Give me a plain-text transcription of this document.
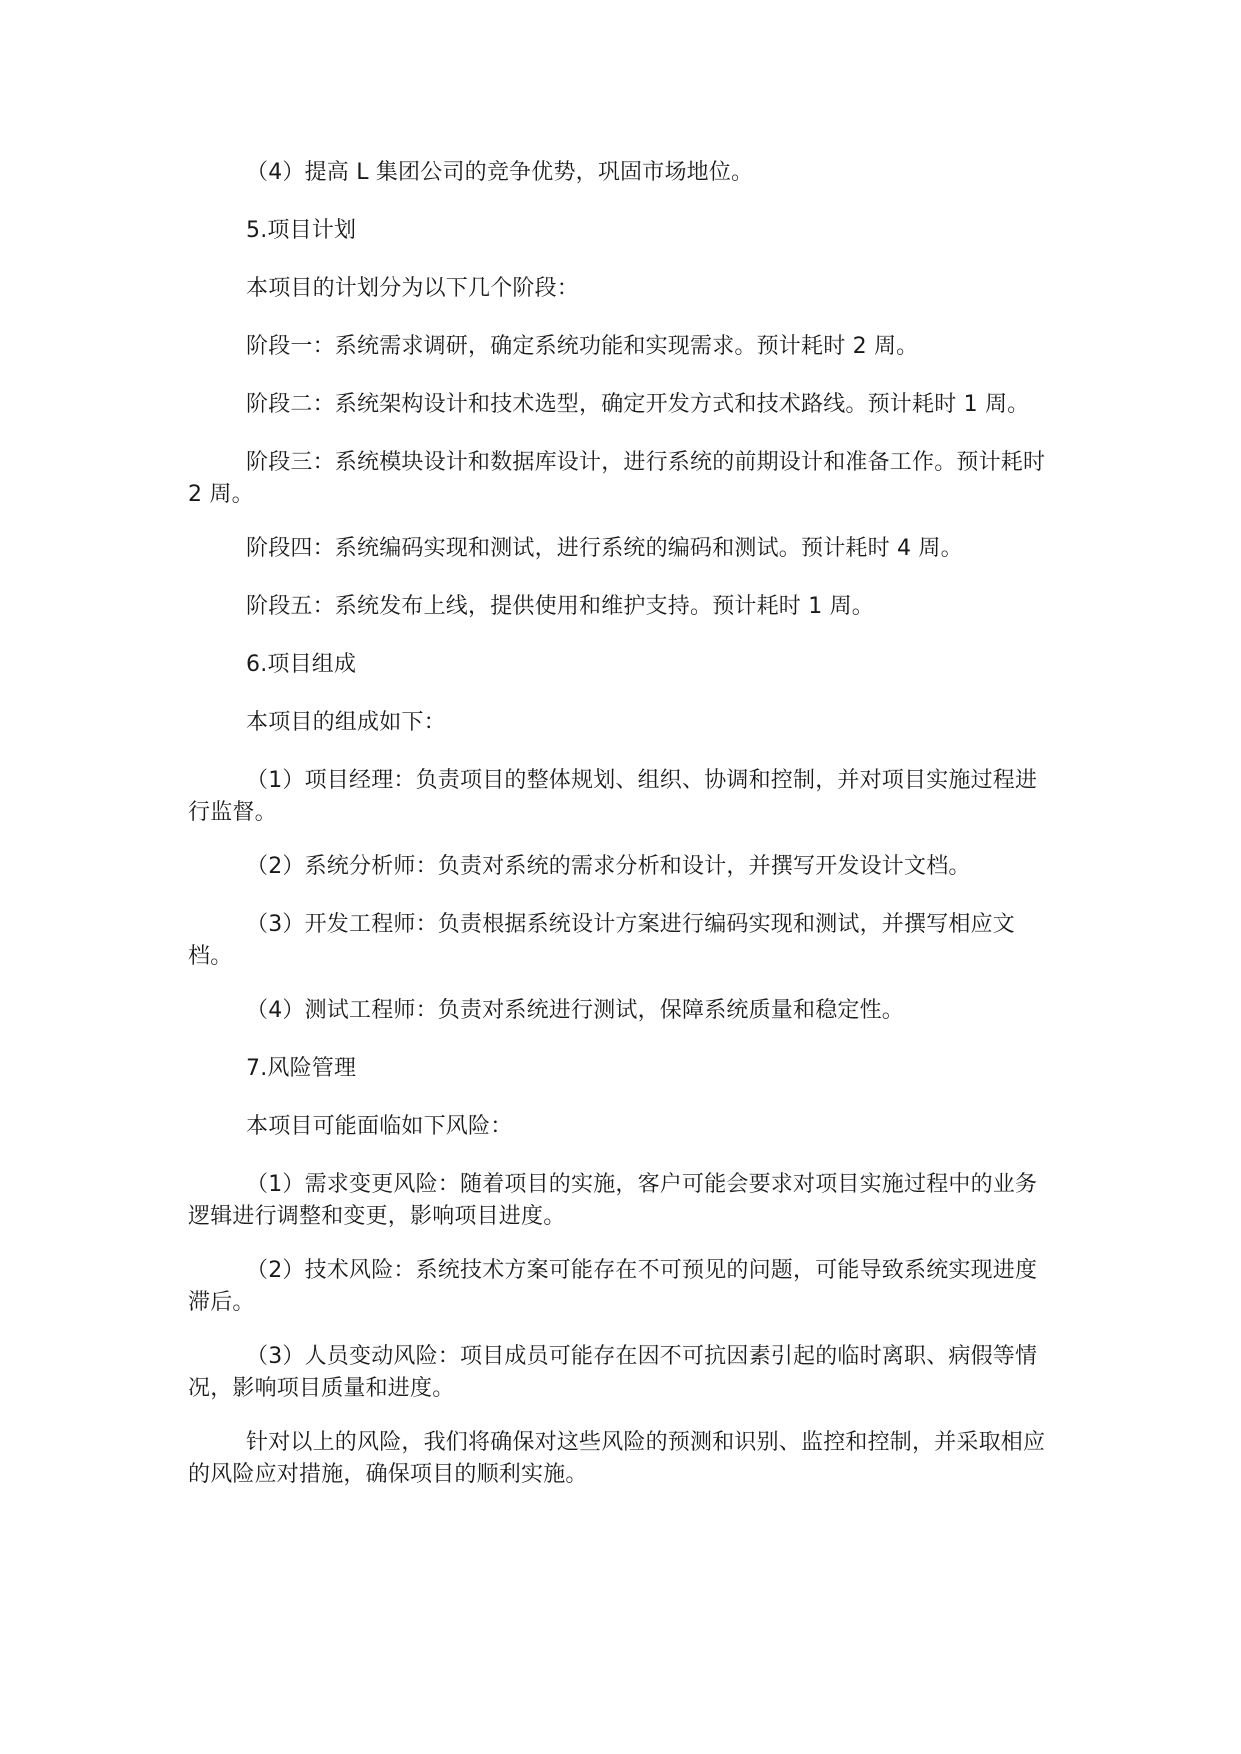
（4）提高 L 集团公司的竞争优势，巩固市场地位。

5.项目计划

本项目的计划分为以下几个阶段：

阶段一：系统需求调研，确定系统功能和实现需求。预计耗时 2 周。

阶段二：系统架构设计和技术选型，确定开发方式和技术路线。预计耗时 1 周。

阶段三：系统模块设计和数据库设计，进行系统的前期设计和准备工作。预计耗时 2 周。

阶段四：系统编码实现和测试，进行系统的编码和测试。预计耗时 4 周。

阶段五：系统发布上线，提供使用和维护支持。预计耗时 1 周。

6.项目组成

本项目的组成如下：

（1）项目经理：负责项目的整体规划、组织、协调和控制，并对项目实施过程进行监督。

（2）系统分析师：负责对系统的需求分析和设计，并撰写开发设计文档。

（3）开发工程师：负责根据系统设计方案进行编码实现和测试，并撰写相应文档。

（4）测试工程师：负责对系统进行测试，保障系统质量和稳定性。

7.风险管理

本项目可能面临如下风险：

（1）需求变更风险：随着项目的实施，客户可能会要求对项目实施过程中的业务逻辑进行调整和变更，影响项目进度。

（2）技术风险：系统技术方案可能存在不可预见的问题，可能导致系统实现进度滞后。

（3）人员变动风险：项目成员可能存在因不可抗因素引起的临时离职、病假等情况，影响项目质量和进度。

针对以上的风险，我们将确保对这些风险的预测和识别、监控和控制，并采取相应的风险应对措施，确保项目的顺利实施。
